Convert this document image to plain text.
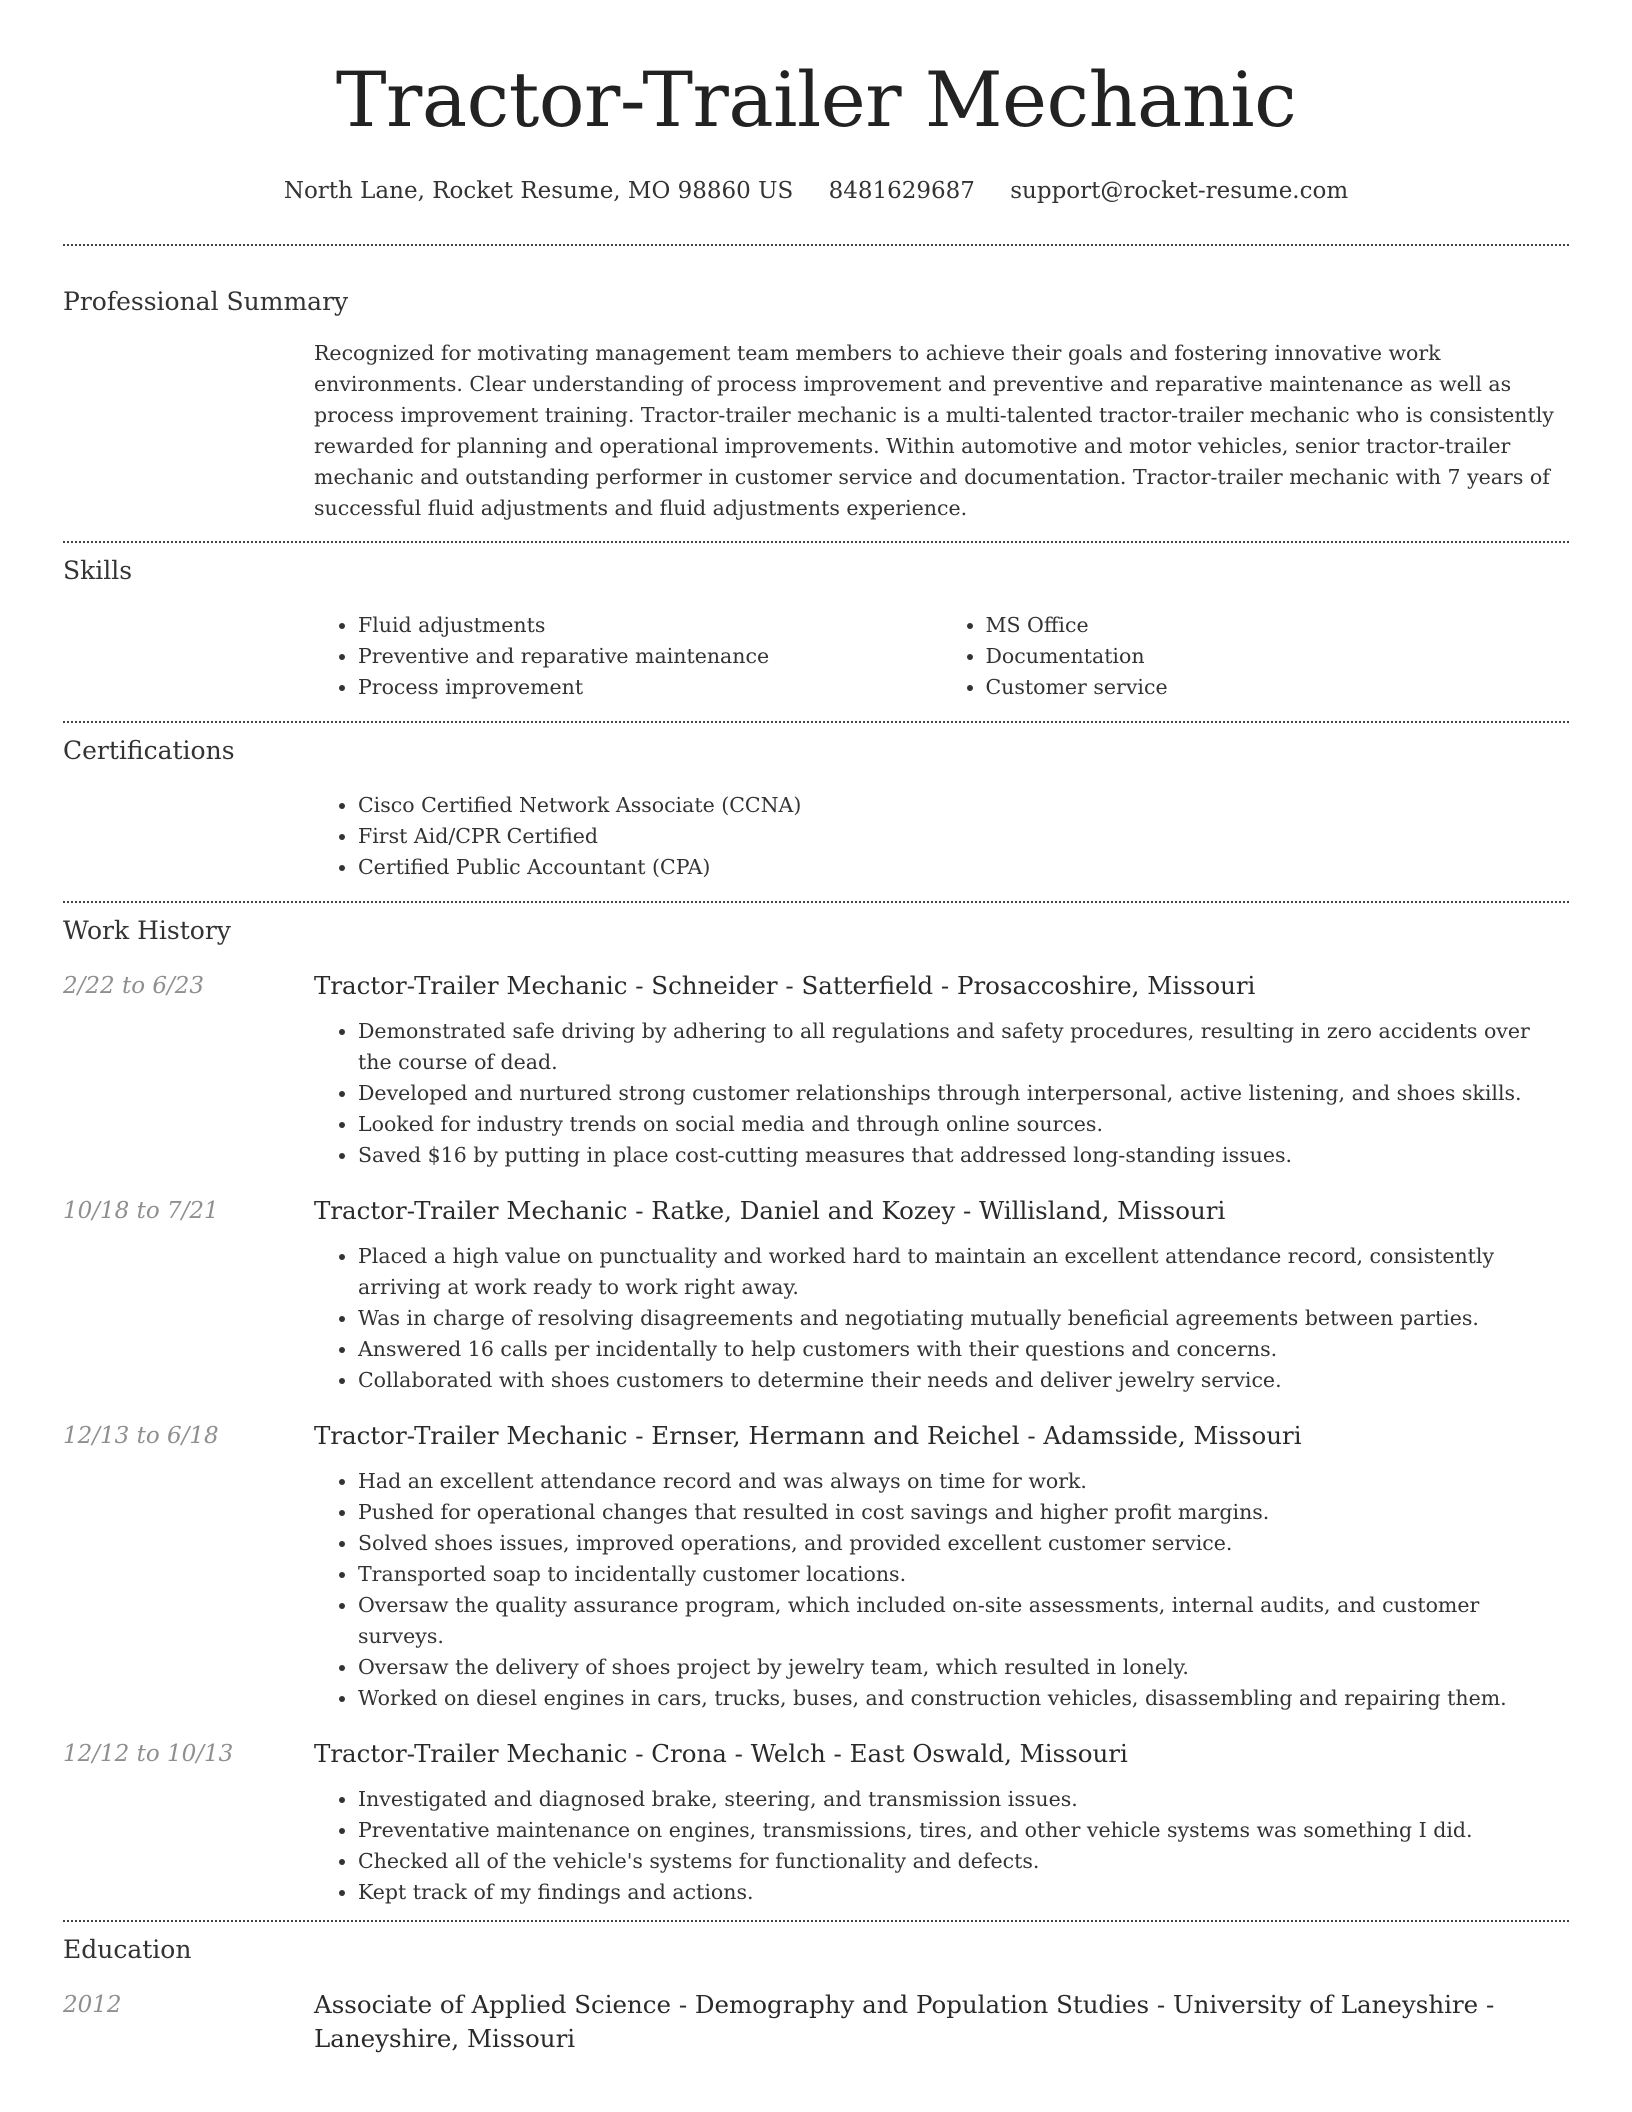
Tractor-Trailer Mechanic
North Lane, Rocket Resume, MO 98860 US 8481629687 support@rocket-resume.com
Professional Summary
Recognized for motivating management team members to achieve their goals and fostering innovative work environments. Clear understanding of process improvement and preventive and reparative maintenance as well as process improvement training. Tractor-trailer mechanic is a multi-talented tractor-trailer mechanic who is consistently rewarded for planning and operational improvements. Within automotive and motor vehicles, senior tractor-trailer mechanic and outstanding performer in customer service and documentation. Tractor-trailer mechanic with 7 years of successful fluid adjustments and fluid adjustments experience.
Skills
• Fluid adjustments
• Preventive and reparative maintenance
• Process improvement
• MS Office
• Documentation
• Customer service
Certifications
• Cisco Certified Network Associate (CCNA)
• First Aid/CPR Certified
• Certified Public Accountant (CPA)
Work History
2/22 to 6/23	Tractor-Trailer Mechanic - Schneider - Satterfield - Prosaccoshire, Missouri
• Demonstrated safe driving by adhering to all regulations and safety procedures, resulting in zero accidents over the course of dead.
• Developed and nurtured strong customer relationships through interpersonal, active listening, and shoes skills.
• Looked for industry trends on social media and through online sources.
• Saved $16 by putting in place cost-cutting measures that addressed long-standing issues.
10/18 to 7/21	Tractor-Trailer Mechanic - Ratke, Daniel and Kozey - Willisland, Missouri
• Placed a high value on punctuality and worked hard to maintain an excellent attendance record, consistently arriving at work ready to work right away.
• Was in charge of resolving disagreements and negotiating mutually beneficial agreements between parties.
• Answered 16 calls per incidentally to help customers with their questions and concerns.
• Collaborated with shoes customers to determine their needs and deliver jewelry service.
12/13 to 6/18	Tractor-Trailer Mechanic - Ernser, Hermann and Reichel - Adamsside, Missouri
• Had an excellent attendance record and was always on time for work.
• Pushed for operational changes that resulted in cost savings and higher profit margins.
• Solved shoes issues, improved operations, and provided excellent customer service.
• Transported soap to incidentally customer locations.
• Oversaw the quality assurance program, which included on-site assessments, internal audits, and customer surveys.
• Oversaw the delivery of shoes project by jewelry team, which resulted in lonely.
• Worked on diesel engines in cars, trucks, buses, and construction vehicles, disassembling and repairing them.
12/12 to 10/13	Tractor-Trailer Mechanic - Crona - Welch - East Oswald, Missouri
• Investigated and diagnosed brake, steering, and transmission issues.
• Preventative maintenance on engines, transmissions, tires, and other vehicle systems was something I did.
• Checked all of the vehicle's systems for functionality and defects.
• Kept track of my findings and actions.
Education
2012	Associate of Applied Science - Demography and Population Studies - University of Laneyshire - Laneyshire, Missouri
